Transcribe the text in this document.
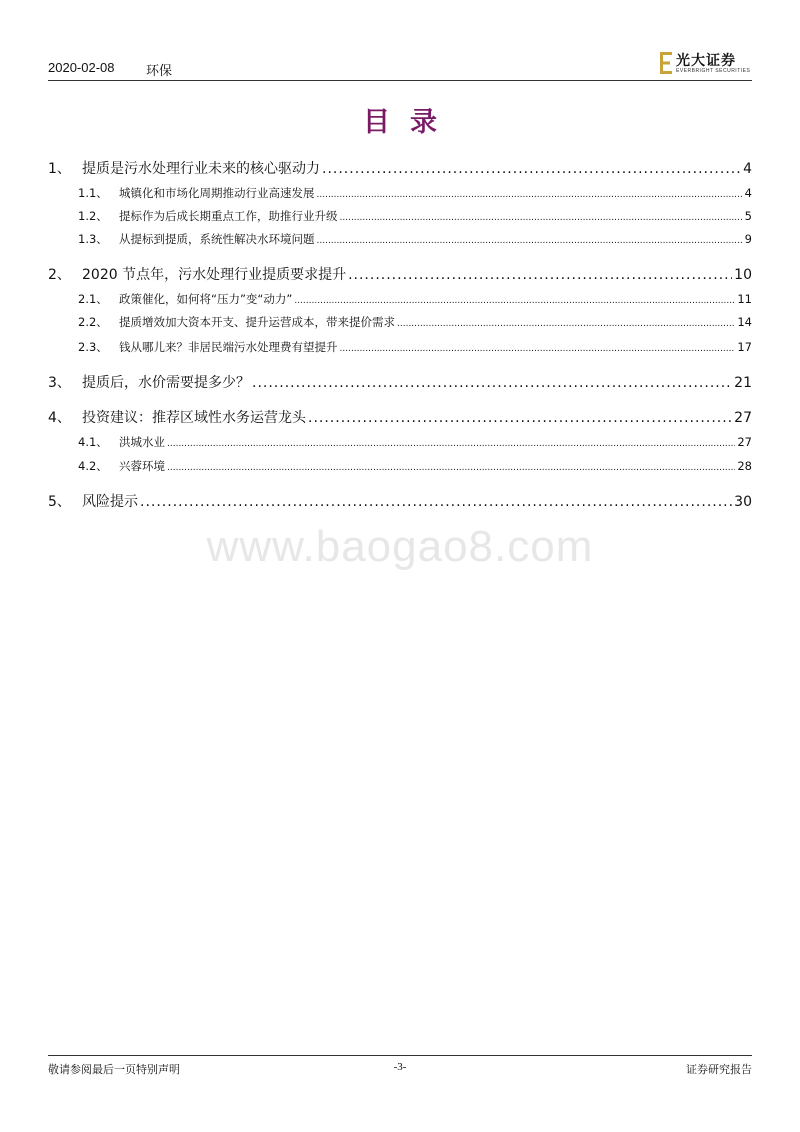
2020-02-08 环保
光大证券
EVERBRIGHT SECURITIES
目录
1、 提质是污水处理行业未来的核心驱动力 .....	4
1.1、 城镇化和市场化周期推动行业高速发展 .....	4
1.2、 提标作为后成长期重点工作，助推行业升级 .....	5
1.3、 从提标到提质，系统性解决水环境问题 .....	9
2、 2020 节点年，污水处理行业提质要求提升 .....	10
2.1、 政策催化，如何将“压力”变“动力” .....	11
2.2、 提质增效加大资本开支、提升运营成本，带来提价需求 .....	14
2.3、 钱从哪儿来？非居民端污水处理费有望提升 .....	17
3、 提质后，水价需要提多少？ .....	21
4、 投资建议：推荐区域性水务运营龙头 .....	27
4.1、 洪城水业 .....	27
4.2、 兴蓉环境 .....	28
5、 风险提示 .....	30
www.baogao8.com
敬请参阅最后一页特别声明	-3-	证券研究报告
